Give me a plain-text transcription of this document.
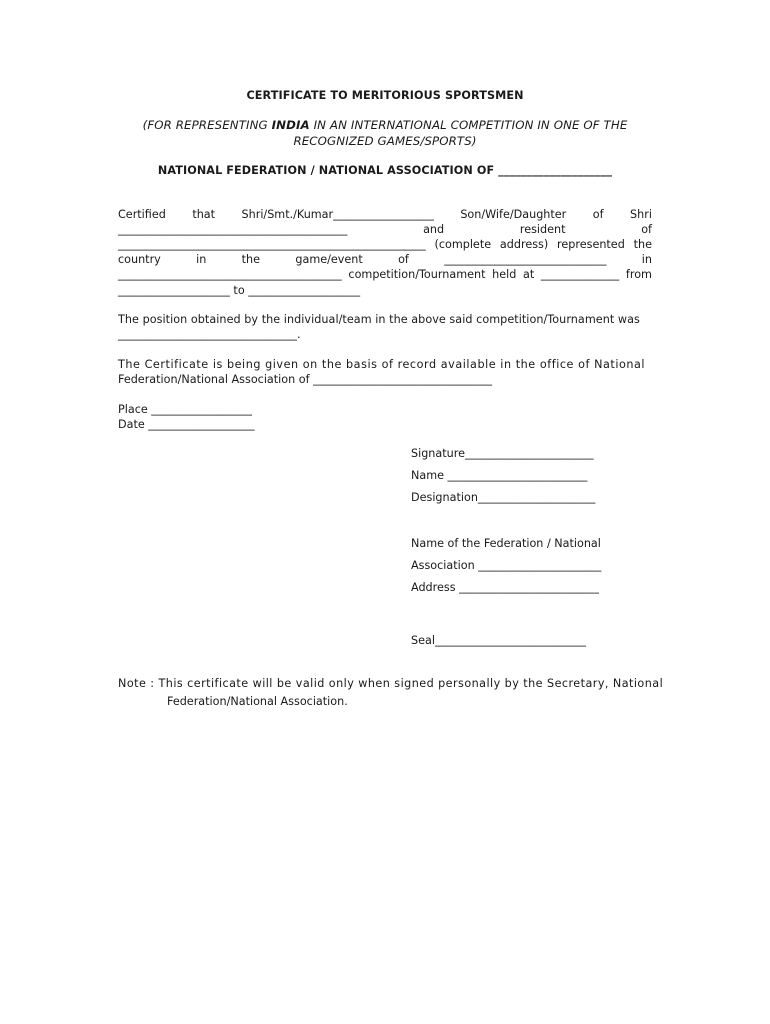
CERTIFICATE TO MERITORIOUS SPORTSMEN
(FOR REPRESENTING INDIA IN AN INTERNATIONAL COMPETITION IN ONE OF THE RECOGNIZED GAMES/SPORTS)
NATIONAL FEDERATION / NATIONAL ASSOCIATION OF ____________________
Certified that Shri/Smt./Kumar__________________ Son/Wife/Daughter of Shri
_________________________________________	and	resident	of
_______________________________________________________ (complete address) represented the
country	in	the	game/event	of	_____________________________	in
________________________________________ competition/Tournament held at ______________ from
____________________ to ____________________
The position obtained by the individual/team in the above said competition/Tournament was
________________________________.
The Certificate is being given on the basis of record available in the office of National
Federation/National Association of ________________________________
Place __________________
Date ___________________
Signature_______________________
Name _________________________
Designation_____________________
Name of the Federation / National
Association ______________________
Address _________________________
Seal___________________________
Note : This certificate will be valid only when signed personally by the Secretary, National
Federation/National Association.
